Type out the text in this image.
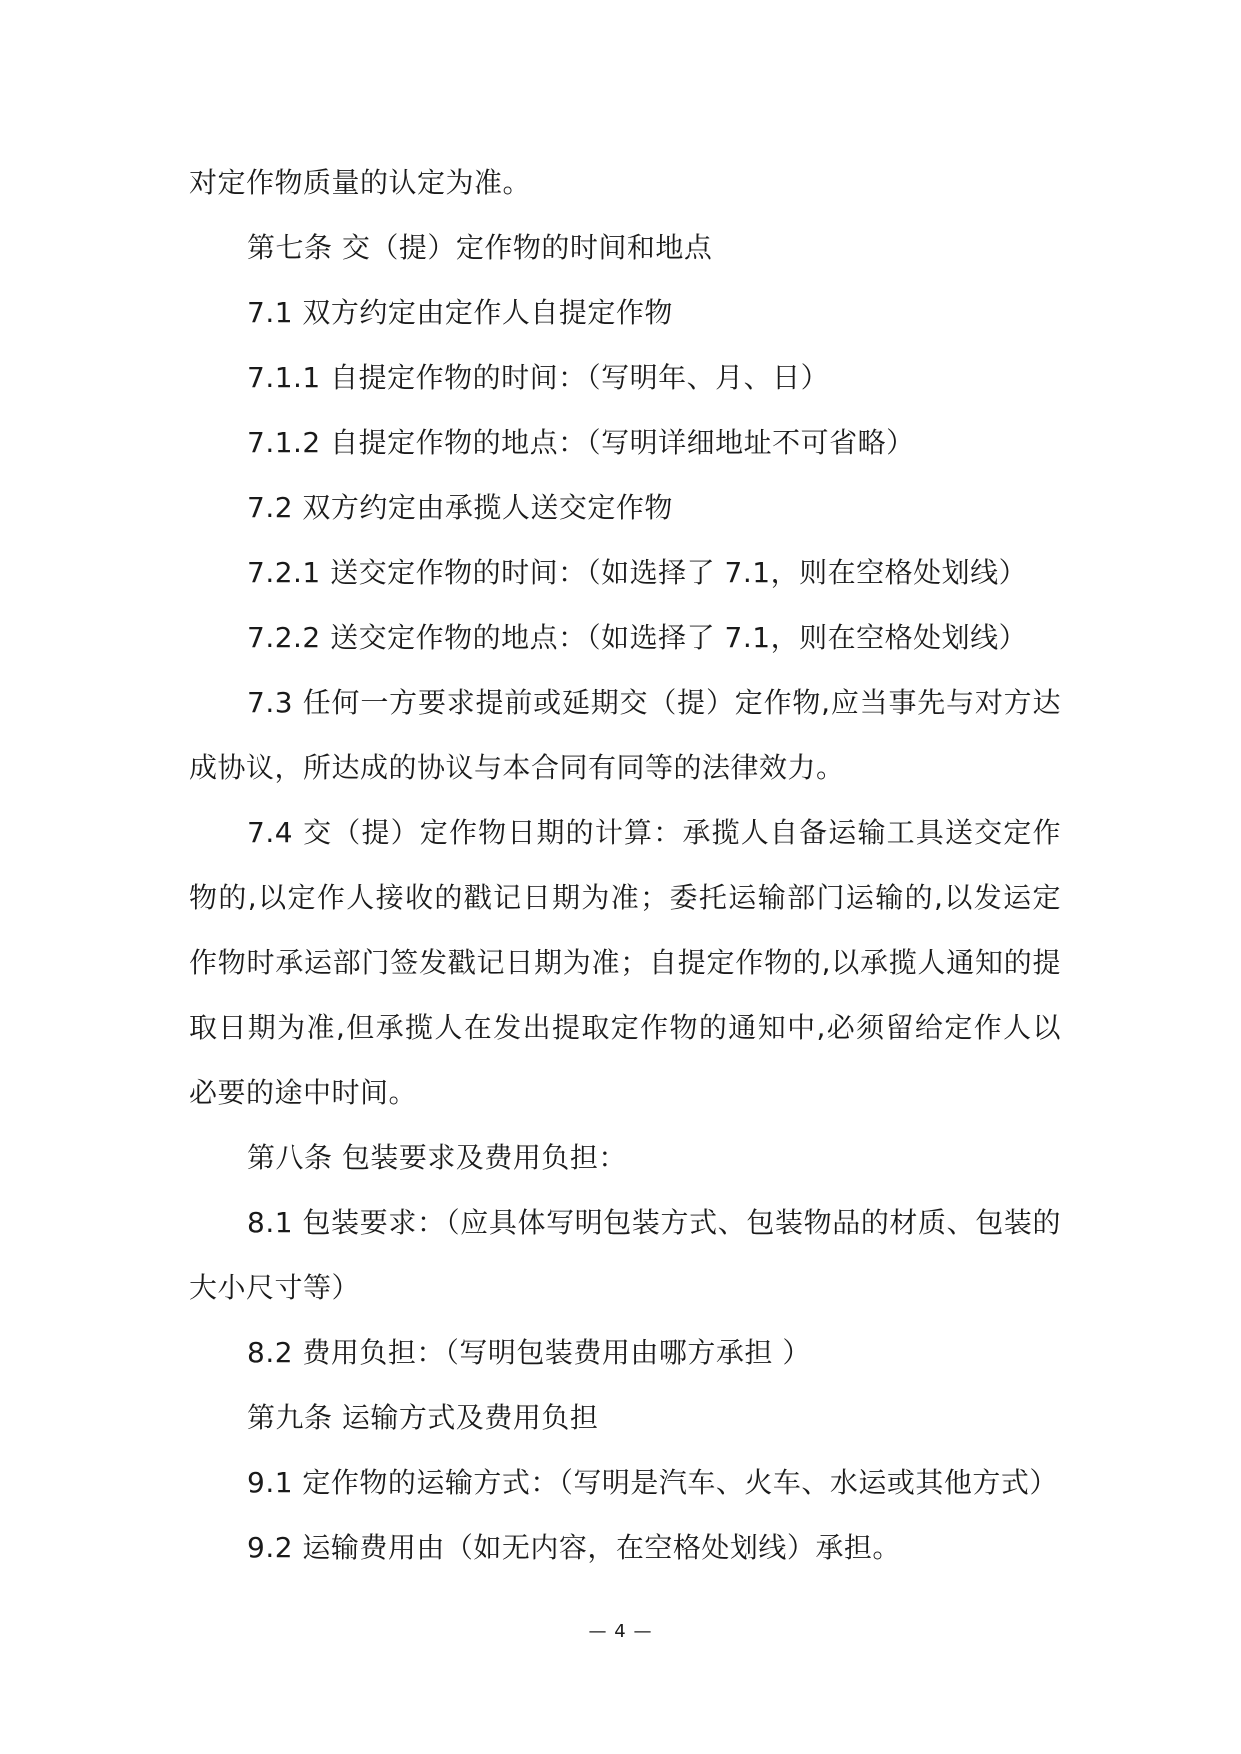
对定作物质量的认定为准。

第七条 交（提）定作物的时间和地点

7.1 双方约定由定作人自提定作物

7.1.1 自提定作物的时间：（写明年、月、日）

7.1.2 自提定作物的地点：（写明详细地址不可省略）

7.2 双方约定由承揽人送交定作物

7.2.1 送交定作物的时间：（如选择了 7.1，则在空格处划线）

7.2.2 送交定作物的地点：（如选择了 7.1，则在空格处划线）

7.3 任何一方要求提前或延期交（提）定作物,应当事先与对方达成协议，所达成的协议与本合同有同等的法律效力。

7.4 交（提）定作物日期的计算：承揽人自备运输工具送交定作物的,以定作人接收的戳记日期为准；委托运输部门运输的,以发运定作物时承运部门签发戳记日期为准；自提定作物的,以承揽人通知的提取日期为准,但承揽人在发出提取定作物的通知中,必须留给定作人以必要的途中时间。

第八条 包装要求及费用负担：

8.1 包装要求：（应具体写明包装方式、包装物品的材质、包装的大小尺寸等）

8.2 费用负担：（写明包装费用由哪方承担 ）

第九条 运输方式及费用负担

9.1 定作物的运输方式：（写明是汽车、火车、水运或其他方式）

9.2 运输费用由（如无内容，在空格处划线）承担。

— 4 —
